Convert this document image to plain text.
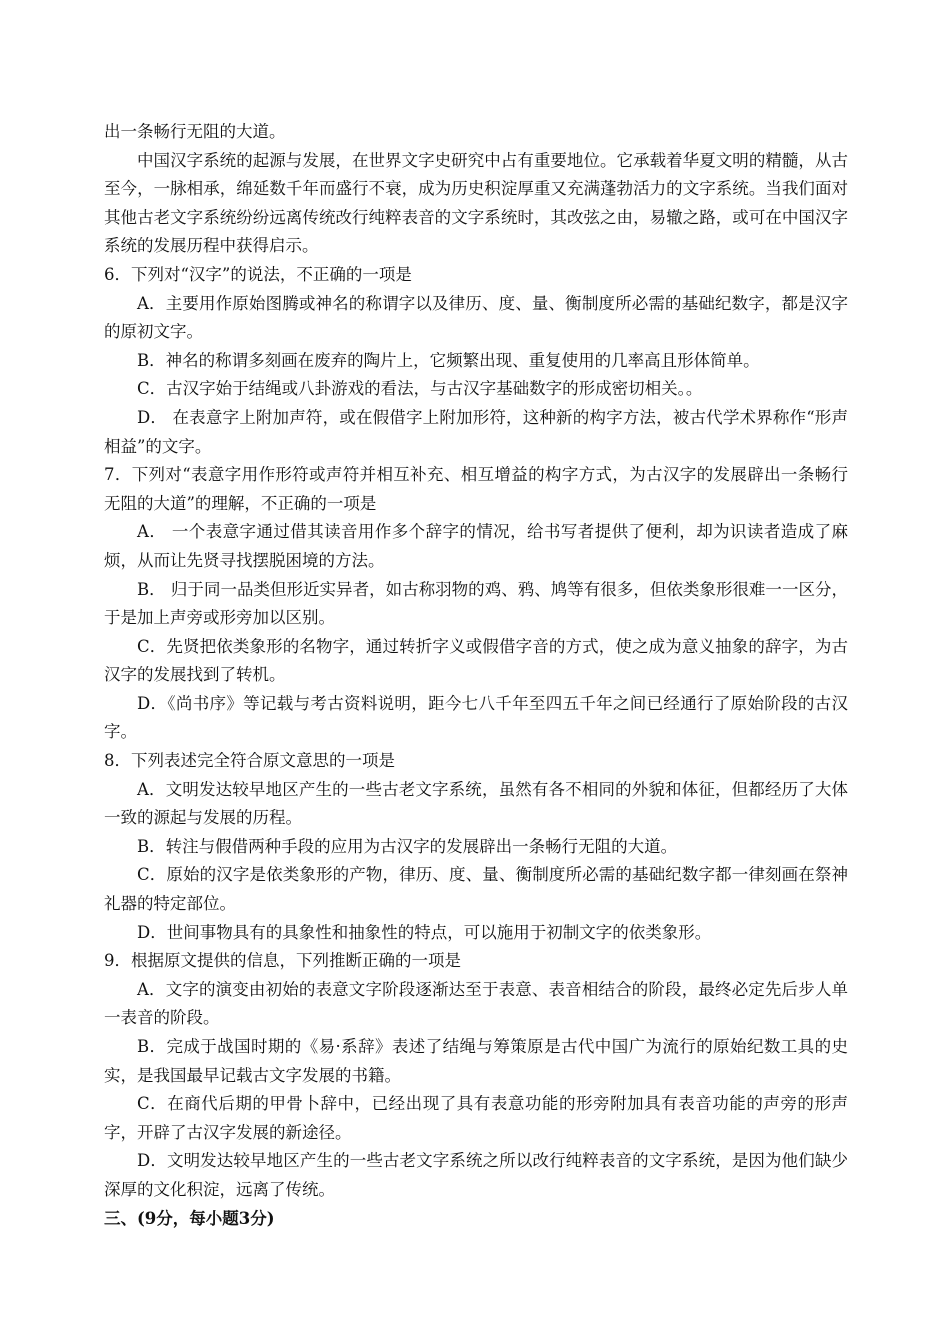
出一条畅行无阻的大道。

中国汉字系统的起源与发展，在世界文字史研究中占有重要地位。它承载着华夏文明的精髓，从古至今，一脉相承，绵延数千年而盛行不衰，成为历史积淀厚重又充满蓬勃活力的文字系统。当我们面对其他古老文字系统纷纷远离传统改行纯粹表音的文字系统时，其改弦之由，易辙之路，或可在中国汉字系统的发展历程中获得启示。

6．下列对“汉字”的说法，不正确的一项是

A．主要用作原始图腾或神名的称谓字以及律历、度、量、衡制度所必需的基础纪数字，都是汉字的原初文字。

B．神名的称谓多刻画在废弃的陶片上，它频繁出现、重复使用的几率高且形体简单。

C．古汉字始于结绳或八卦游戏的看法，与古汉字基础数字的形成密切相关。。

D． 在表意字上附加声符，或在假借字上附加形符，这种新的构字方法，被古代学术界称作“形声相益”的文字。

7．下列对“表意字用作形符或声符并相互补充、相互增益的构字方式，为古汉字的发展辟出一条畅行无阻的大道”的理解，不正确的一项是

A． 一个表意字通过借其读音用作多个辞字的情况，给书写者提供了便利，却为识读者造成了麻烦，从而让先贤寻找摆脱困境的方法。

B． 归于同一品类但形近实异者，如古称羽物的鸡、鸦、鸠等有很多，但依类象形很难一一区分，于是加上声旁或形旁加以区别。

C．先贤把依类象形的名物字，通过转折字义或假借字音的方式，使之成为意义抽象的辞字，为古汉字的发展找到了转机。

D．《尚书序》等记载与考古资料说明，距今七八千年至四五千年之间已经通行了原始阶段的古汉字。

8．下列表述完全符合原文意思的一项是

A．文明发达较早地区产生的一些古老文字系统，虽然有各不相同的外貌和体征，但都经历了大体一致的源起与发展的历程。

B．转注与假借两种手段的应用为古汉字的发展辟出一条畅行无阻的大道。

C．原始的汉字是依类象形的产物，律历、度、量、衡制度所必需的基础纪数字都一律刻画在祭神礼器的特定部位。

D．世间事物具有的具象性和抽象性的特点，可以施用于初制文字的依类象形。

9．根据原文提供的信息，下列推断正确的一项是

A．文字的演变由初始的表意文字阶段逐渐达至于表意、表音相结合的阶段，最终必定先后步人单一表音的阶段。

B．完成于战国时期的《易·系辞》表述了结绳与筹策原是古代中国广为流行的原始纪数工具的史实，是我国最早记载古文字发展的书籍。

C．在商代后期的甲骨卜辞中，已经出现了具有表意功能的形旁附加具有表音功能的声旁的形声字，开辟了古汉字发展的新途径。

D．文明发达较早地区产生的一些古老文字系统之所以改行纯粹表音的文字系统，是因为他们缺少深厚的文化积淀，远离了传统。

三、(9分，每小题3分)
